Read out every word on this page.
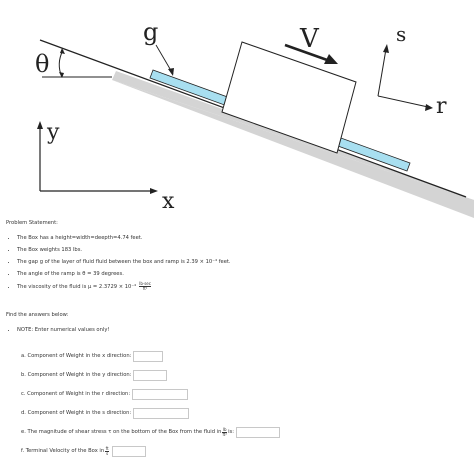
θ
g	V	s
r
y
x
Problem Statement:
• The Box has a height=width=deepth=4.74 feet.
• The Box weights 183 lbs.
• The gap g of the layer of fluid fluid between the box and ramp is 2.39 × 10⁻⁴ feet.
• The angle of the ramp is θ = 39 degrees.
• The viscosity of the fluid is μ = 2.3729 × 10⁻⁴
lb·sec
ft²
Find the answers below:
• NOTE: Enter numerical values only!
a. Component of Weight in the x direction:
b. Component of Weight in the y direction:
c. Component of Weight in the r direction:
d. Component of Weight in the s direction:
e. The magnitude of shear stress τ on the bottom of the Box from the fluid in $\frac{lb}{\text{ft²}}$ is:
f. Terminal Velocity of the Box in $\frac{ft}{s}$
